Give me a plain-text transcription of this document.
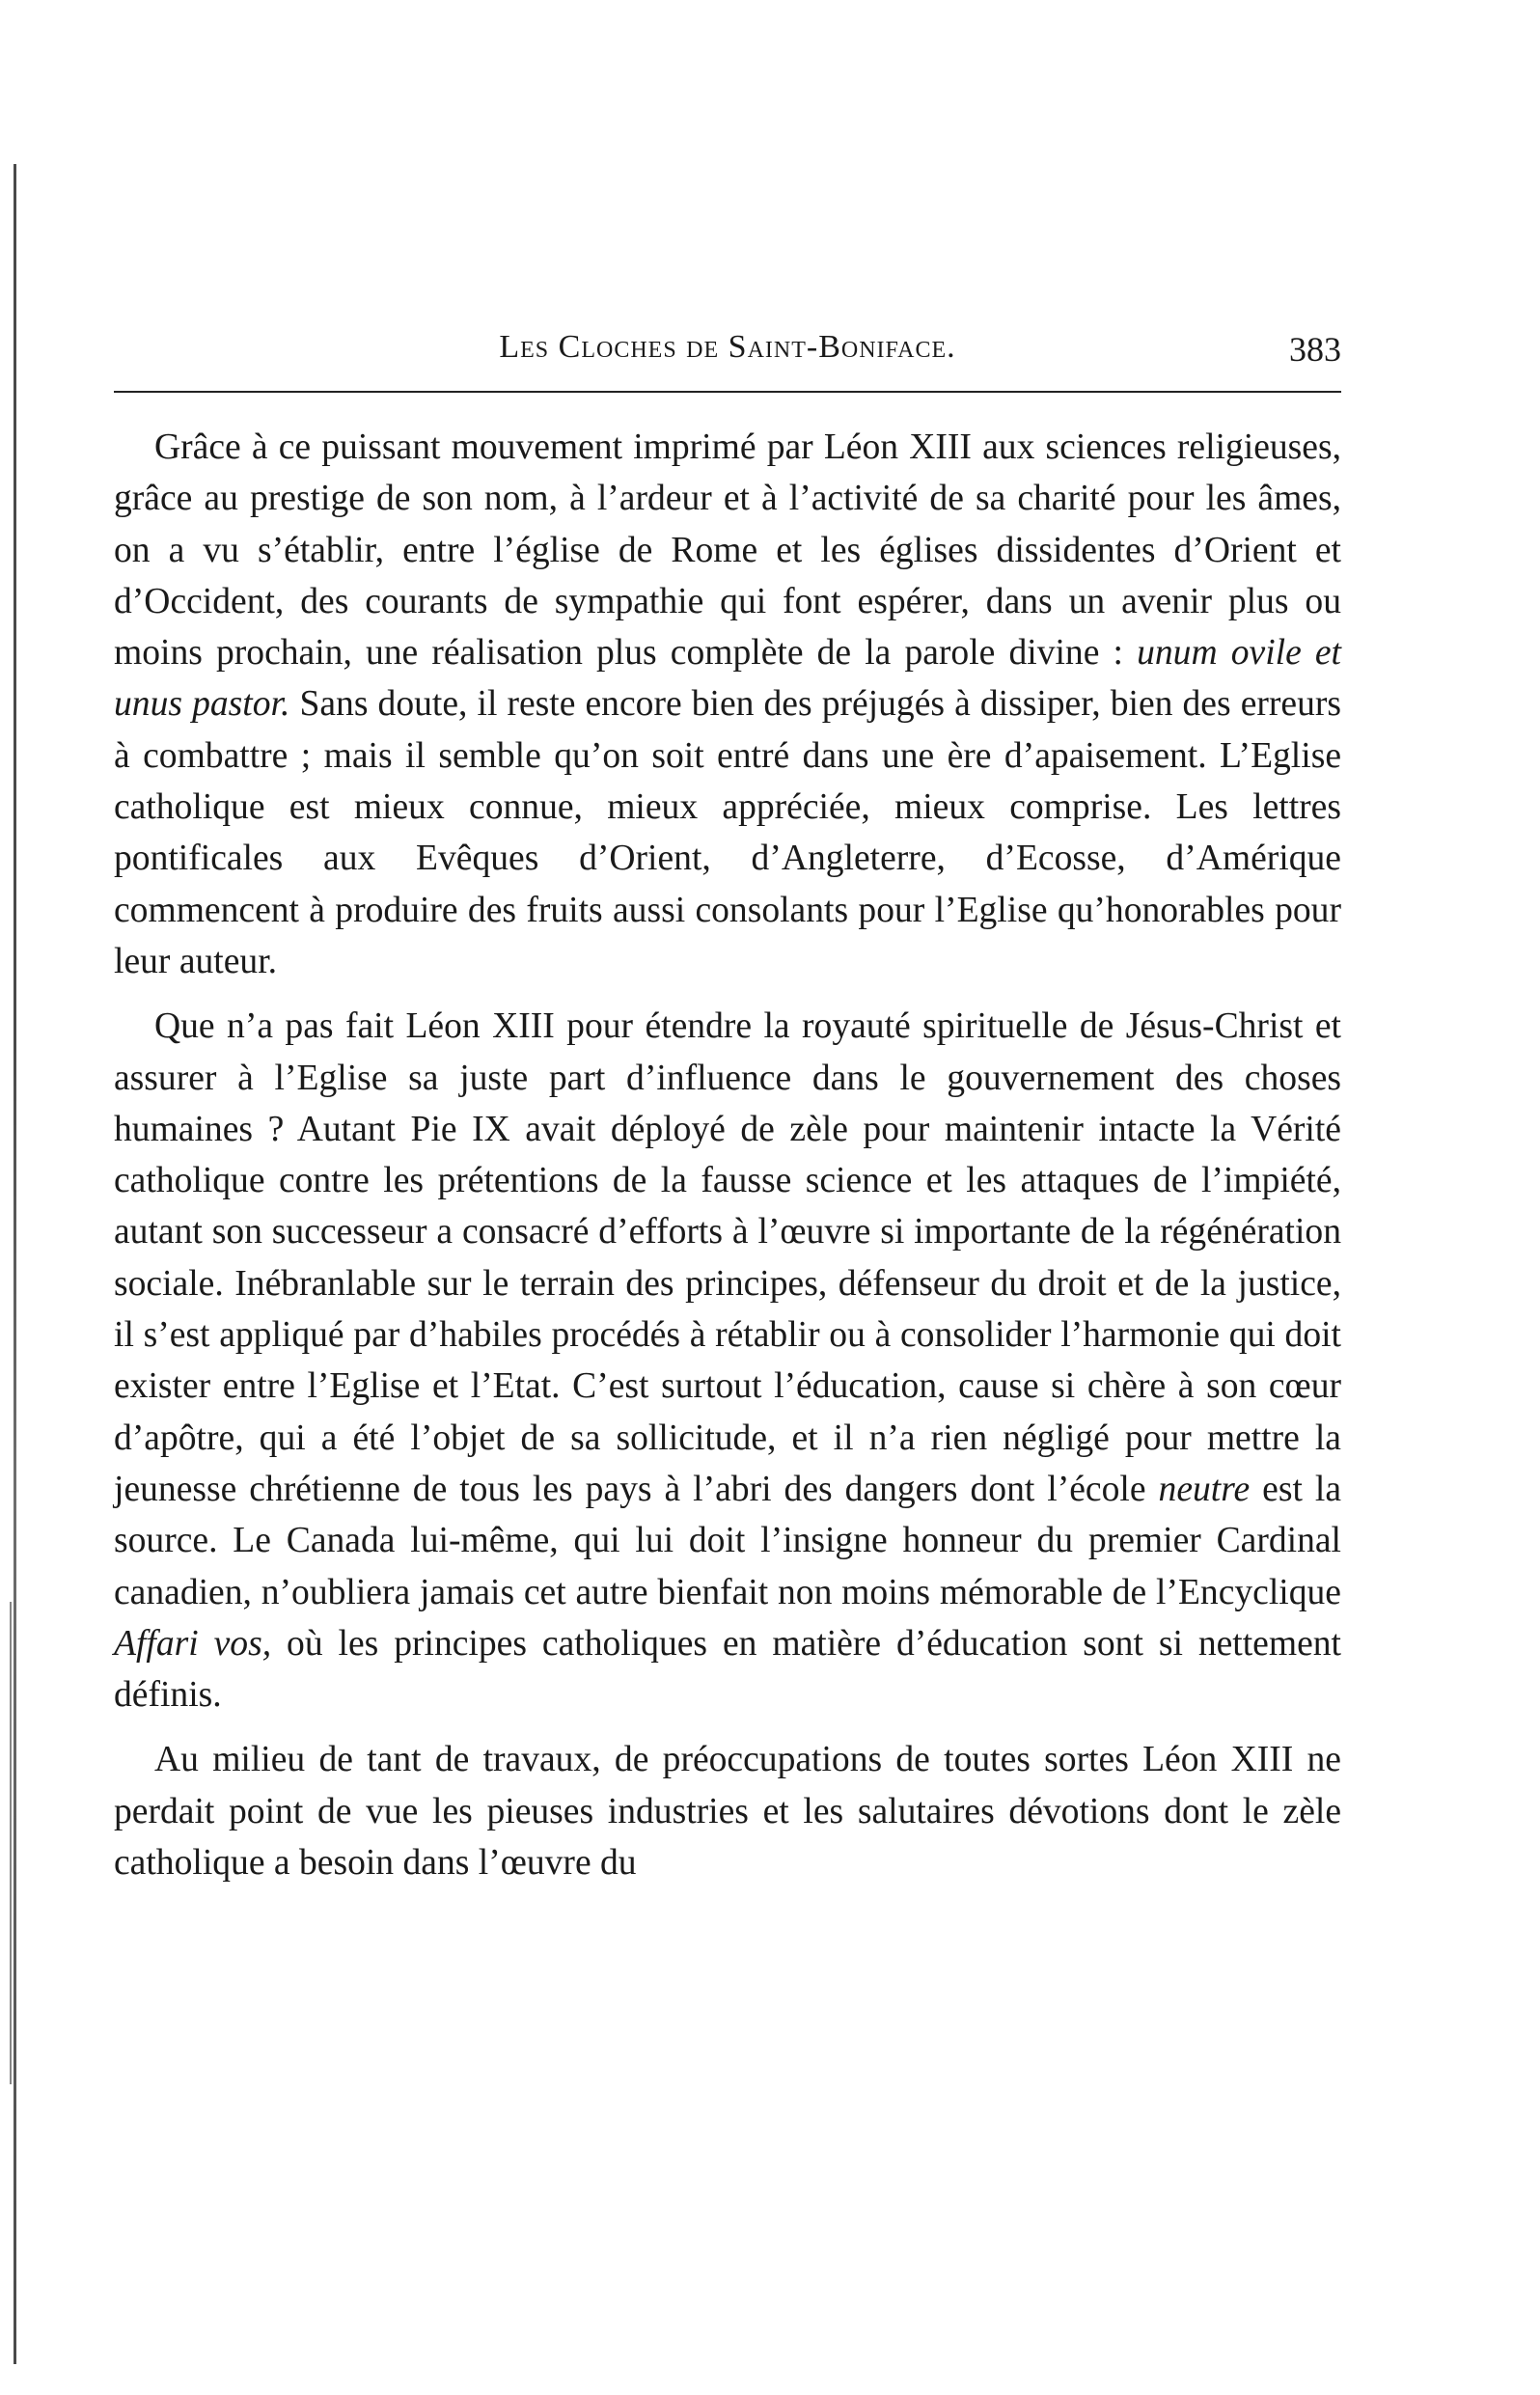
Les Cloches de Saint-Boniface.	383

Grâce à ce puissant mouvement imprimé par Léon XIII aux sciences religieuses, grâce au prestige de son nom, à l’ardeur et à l’activité de sa charité pour les âmes, on a vu s’établir, entre l’église de Rome et les églises dissidentes d’Orient et d’Occident, des courants de sympathie qui font espérer, dans un avenir plus ou moins prochain, une réalisation plus complète de la parole divine : unum ovile et unus pastor. Sans doute, il reste encore bien des préjugés à dissiper, bien des erreurs à combattre ; mais il semble qu’on soit entré dans une ère d’apaisement. L’Eglise catholique est mieux connue, mieux appréciée, mieux comprise. Les lettres pontificales aux Evêques d’Orient, d’Angleterre, d’Ecosse, d’Amérique commencent à produire des fruits aussi consolants pour l’Eglise qu’honorables pour leur auteur.

Que n’a pas fait Léon XIII pour étendre la royauté spirituelle de Jésus-Christ et assurer à l’Eglise sa juste part d’influence dans le gouvernement des choses humaines ? Autant Pie IX avait déployé de zèle pour maintenir intacte la Vérité catholique contre les prétentions de la fausse science et les attaques de l’impiété, autant son successeur a consacré d’efforts à l’œuvre si importante de la régénération sociale. Inébranlable sur le terrain des principes, défenseur du droit et de la justice, il s’est appliqué par d’habiles procédés à rétablir ou à consolider l’harmonie qui doit exister entre l’Eglise et l’Etat. C’est surtout l’éducation, cause si chère à son cœur d’apôtre, qui a été l’objet de sa sollicitude, et il n’a rien négligé pour mettre la jeunesse chrétienne de tous les pays à l’abri des dangers dont l’école neutre est la source. Le Canada lui-même, qui lui doit l’insigne honneur du premier Cardinal canadien, n’oubliera jamais cet autre bienfait non moins mémorable de l’Encyclique Affari vos, où les principes catholiques en matière d’éducation sont si nettement définis.

Au milieu de tant de travaux, de préoccupations de toutes sortes Léon XIII ne perdait point de vue les pieuses industries et les salutaires dévotions dont le zèle catholique a besoin dans l’œuvre du
